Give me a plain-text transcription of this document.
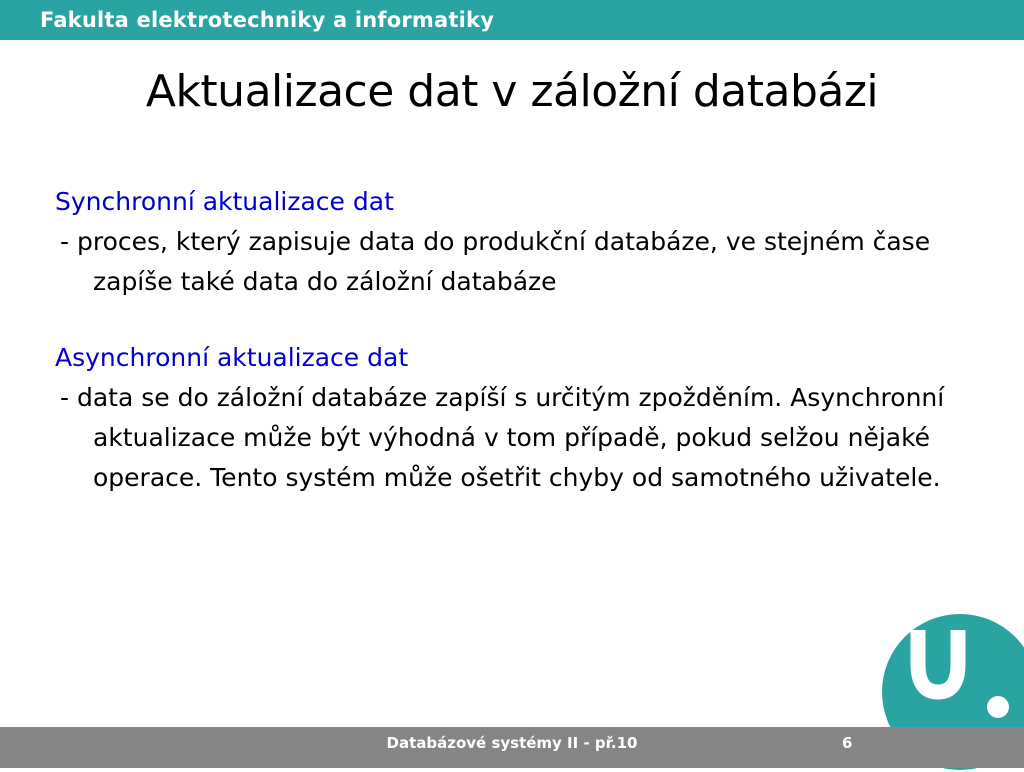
Fakulta elektrotechniky a informatiky
Aktualizace dat v záložní databázi

Synchronní aktualizace dat

- proces, který zapisuje data do produkční databáze, ve stejném čase zapíše také data do záložní databáze

Asynchronní aktualizace dat

- data se do záložní databáze zapíší s určitým zpožděním. Asynchronní aktualizace může být výhodná v tom případě, pokud selžou nějaké operace. Tento systém může ošetřit chyby od samotného uživatele.

Databázové systémy II - př.10	6
